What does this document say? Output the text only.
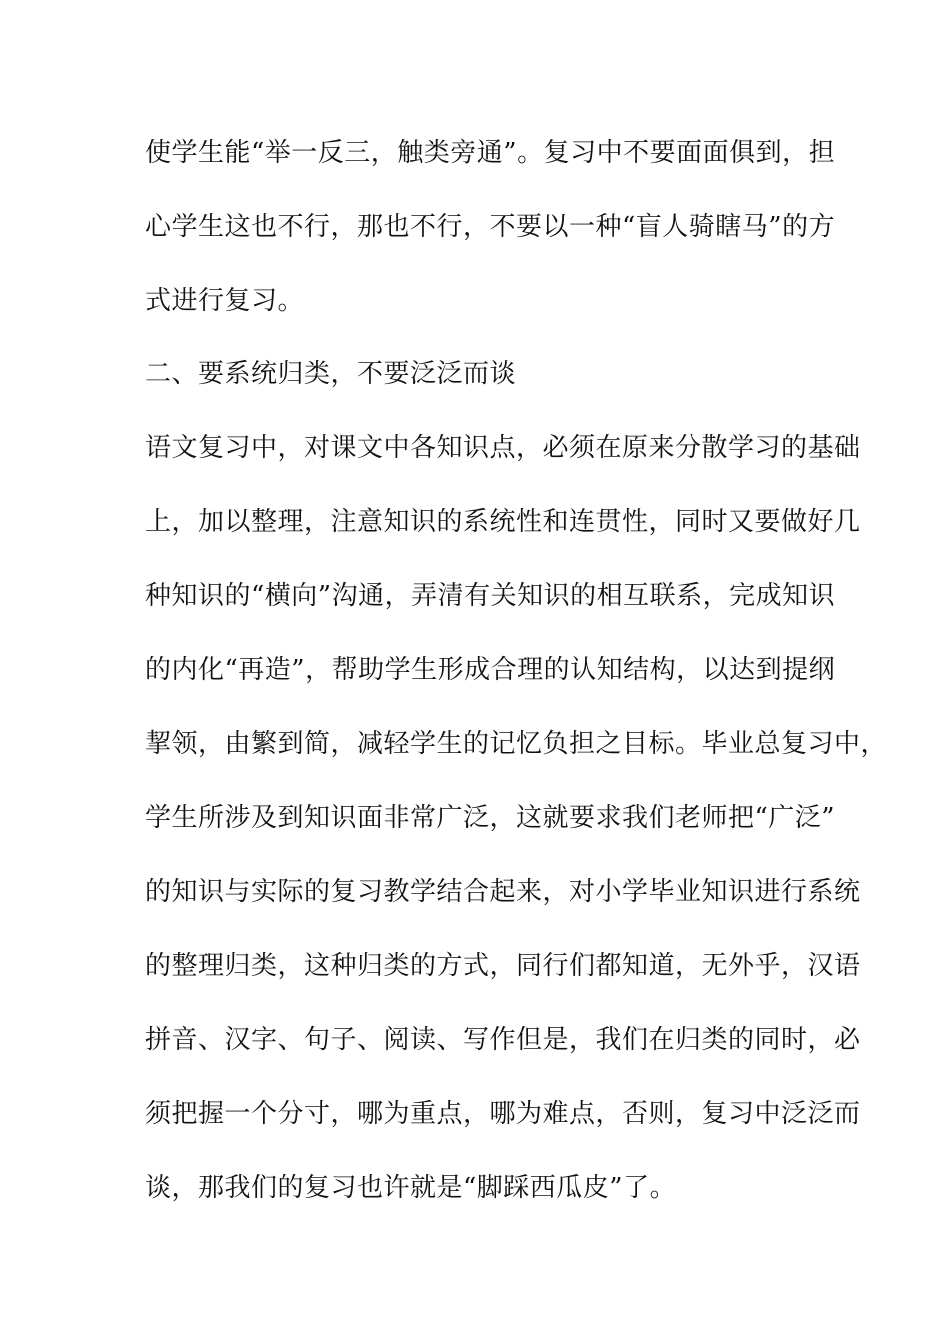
使学生能“举一反三，触类旁通”。复习中不要面面俱到，担
心学生这也不行，那也不行，不要以一种“盲人骑瞎马”的方
式进行复习。
二、要系统归类，不要泛泛而谈
语文复习中，对课文中各知识点，必须在原来分散学习的基础
上，加以整理，注意知识的系统性和连贯性，同时又要做好几
种知识的“横向”沟通，弄清有关知识的相互联系，完成知识
的内化“再造”，帮助学生形成合理的认知结构，以达到提纲
挈领，由繁到简，减轻学生的记忆负担之目标。毕业总复习中，
学生所涉及到知识面非常广泛，这就要求我们老师把“广泛”
的知识与实际的复习教学结合起来，对小学毕业知识进行系统
的整理归类，这种归类的方式，同行们都知道，无外乎，汉语
拼音、汉字、句子、阅读、写作但是，我们在归类的同时，必
须把握一个分寸，哪为重点，哪为难点，否则，复习中泛泛而
谈，那我们的复习也许就是“脚踩西瓜皮”了。
